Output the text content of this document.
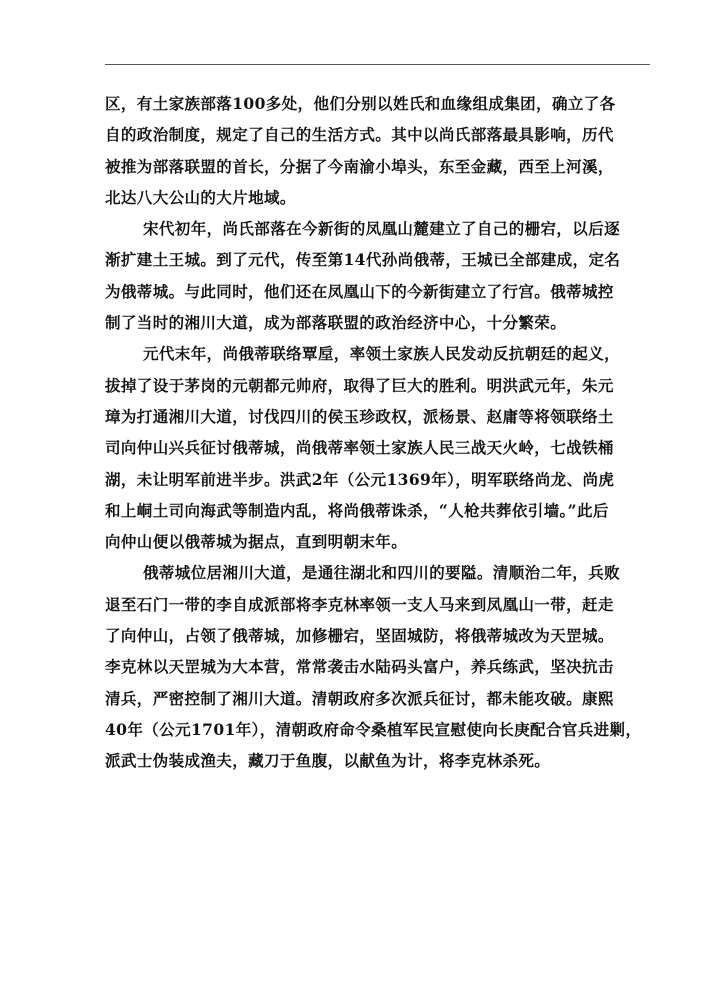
区，有土家族部落100多处，他们分别以姓氏和血缘组成集团，确立了各
自的政治制度，规定了自己的生活方式。其中以尚氏部落最具影响，历代
被推为部落联盟的首长，分据了今南渝小埠头，东至金藏，西至上河溪，
北达八大公山的大片地域。
宋代初年，尚氏部落在今新街的凤凰山麓建立了自己的栅宕，以后逐
渐扩建土王城。到了元代，传至第14代孙尚俄蒂，王城已全部建成，定名
为俄蒂城。与此同时，他们还在凤凰山下的今新街建立了行宫。俄蒂城控
制了当时的湘川大道，成为部落联盟的政治经济中心，十分繁荣。
元代末年，尚俄蒂联络覃垕，率领土家族人民发动反抗朝廷的起义，
拔掉了设于茅岗的元朝都元帅府，取得了巨大的胜利。明洪武元年，朱元
璋为打通湘川大道，讨伐四川的侯玉珍政权，派杨景、赵庸等将领联络土
司向仲山兴兵征讨俄蒂城，尚俄蒂率领土家族人民三战天火岭，七战铁桶
湖，未让明军前进半步。洪武2年（公元1369年），明军联络尚龙、尚虎
和上峒土司向海武等制造内乱，将尚俄蒂诛杀，“人枪共葬依引墙。”此后
向仲山便以俄蒂城为据点，直到明朝末年。
俄蒂城位居湘川大道，是通往湖北和四川的要隘。清顺治二年，兵败
退至石门一带的李自成派部将李克林率领一支人马来到凤凰山一带，赶走
了向仲山，占领了俄蒂城，加修栅宕，坚固城防，将俄蒂城改为天罡城。
李克林以天罡城为大本营，常常袭击水陆码头富户，养兵练武，坚决抗击
清兵，严密控制了湘川大道。清朝政府多次派兵征讨，都未能攻破。康熙
40年（公元1701年），清朝政府命令桑植军民宣慰使向长庚配合官兵进剿，
派武士伪装成渔夫，藏刀于鱼腹，以献鱼为计，将李克林杀死。
